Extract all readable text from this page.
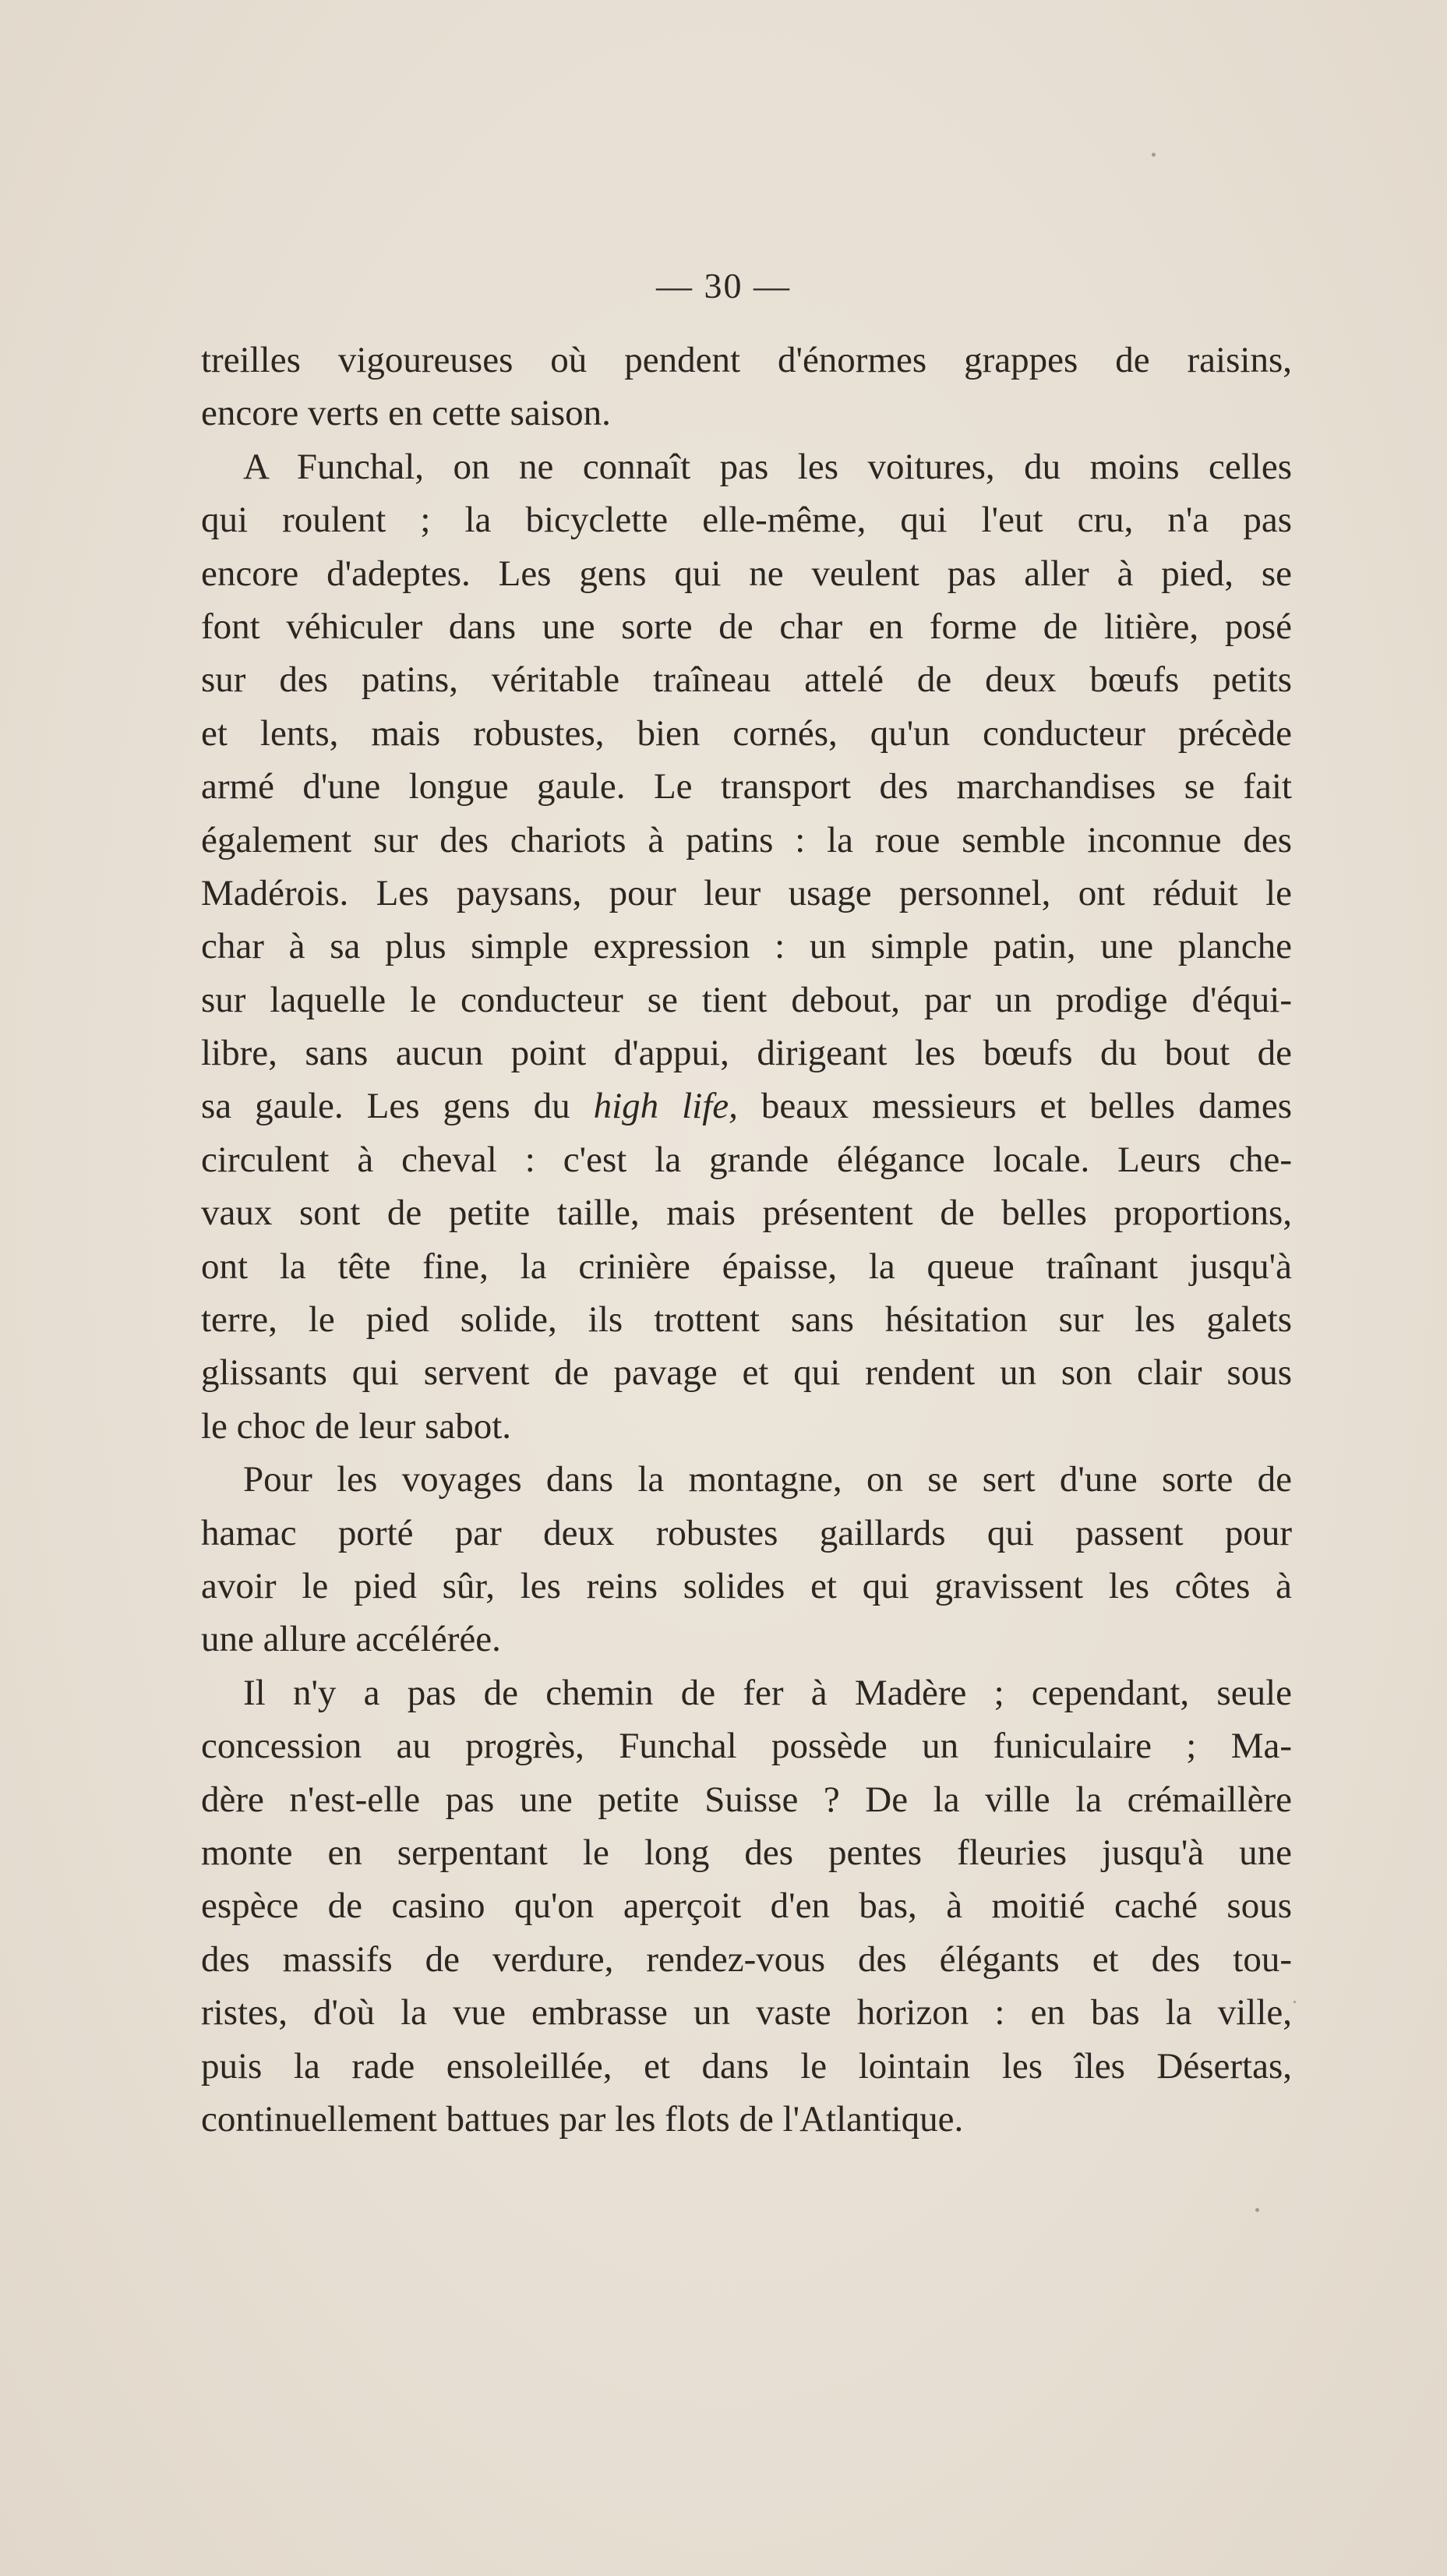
— 30 —
treilles vigoureuses où pendent d'énormes grappes de raisins,
encore verts en cette saison.
A Funchal, on ne connaît pas les voitures, du moins celles
qui roulent ; la bicyclette elle-même, qui l'eut cru, n'a pas
encore d'adeptes. Les gens qui ne veulent pas aller à pied, se
font véhiculer dans une sorte de char en forme de litière, posé
sur des patins, véritable traîneau attelé de deux bœufs petits
et lents, mais robustes, bien cornés, qu'un conducteur précède
armé d'une longue gaule. Le transport des marchandises se fait
également sur des chariots à patins : la roue semble inconnue des
Madérois. Les paysans, pour leur usage personnel, ont réduit le
char à sa plus simple expression : un simple patin, une planche
sur laquelle le conducteur se tient debout, par un prodige d'équi-
libre, sans aucun point d'appui, dirigeant les bœufs du bout de
sa gaule. Les gens du high life, beaux messieurs et belles dames
circulent à cheval : c'est la grande élégance locale. Leurs che-
vaux sont de petite taille, mais présentent de belles proportions,
ont la tête fine, la crinière épaisse, la queue traînant jusqu'à
terre, le pied solide, ils trottent sans hésitation sur les galets
glissants qui servent de pavage et qui rendent un son clair sous
le choc de leur sabot.
Pour les voyages dans la montagne, on se sert d'une sorte de
hamac porté par deux robustes gaillards qui passent pour
avoir le pied sûr, les reins solides et qui gravissent les côtes à
une allure accélérée.
Il n'y a pas de chemin de fer à Madère ; cependant, seule
concession au progrès, Funchal possède un funiculaire ; Ma-
dère n'est-elle pas une petite Suisse ? De la ville la crémaillère
monte en serpentant le long des pentes fleuries jusqu'à une
espèce de casino qu'on aperçoit d'en bas, à moitié caché sous
des massifs de verdure, rendez-vous des élégants et des tou-
ristes, d'où la vue embrasse un vaste horizon : en bas la ville,
puis la rade ensoleillée, et dans le lointain les îles Désertas,
continuellement battues par les flots de l'Atlantique.
